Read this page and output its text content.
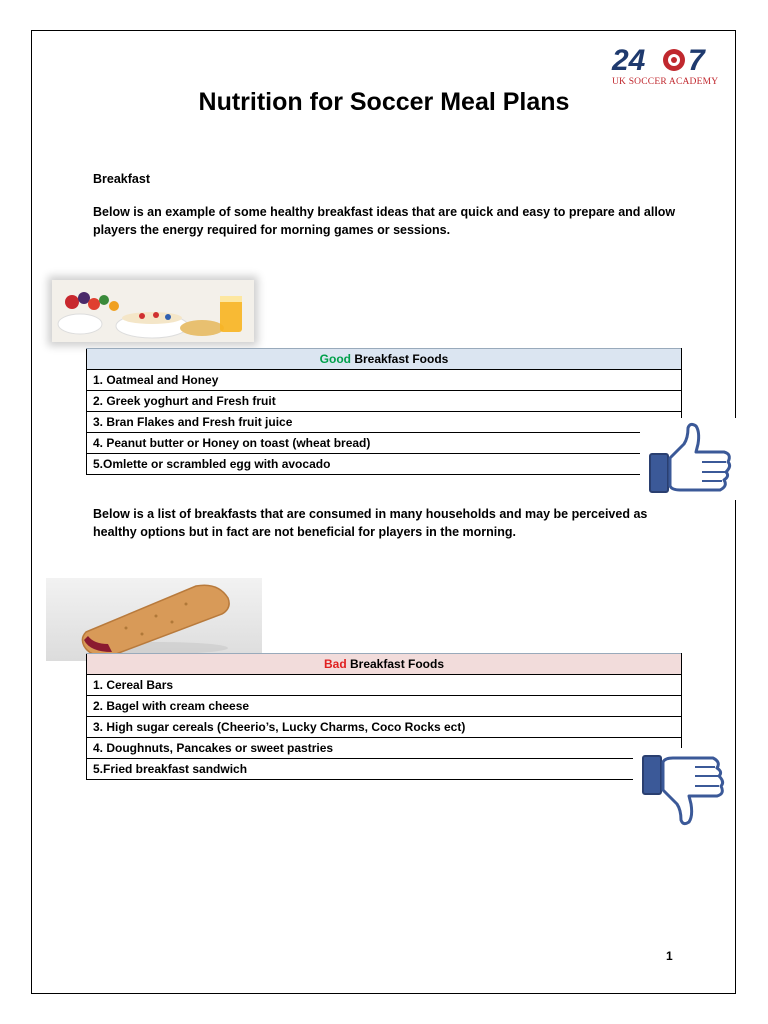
24 7
UK SOCCER ACADEMY
Nutrition for Soccer Meal Plans
Breakfast
Below is an example of some healthy breakfast ideas that are quick and easy to prepare and allow players the energy required for morning games or sessions.
Good Breakfast Foods
1. Oatmeal and Honey
2. Greek yoghurt and Fresh fruit
3. Bran Flakes and Fresh fruit juice
4. Peanut butter or Honey on toast (wheat bread)
5.Omlette or scrambled egg with avocado
Below is a list of breakfasts that are consumed in many households and may be perceived as healthy options but in fact are not beneficial for players in the morning.
Bad Breakfast Foods
1. Cereal Bars
2. Bagel with cream cheese
3. High sugar cereals (Cheerio’s, Lucky Charms, Coco Rocks ect)
4. Doughnuts, Pancakes or sweet pastries
5.Fried breakfast sandwich
1
